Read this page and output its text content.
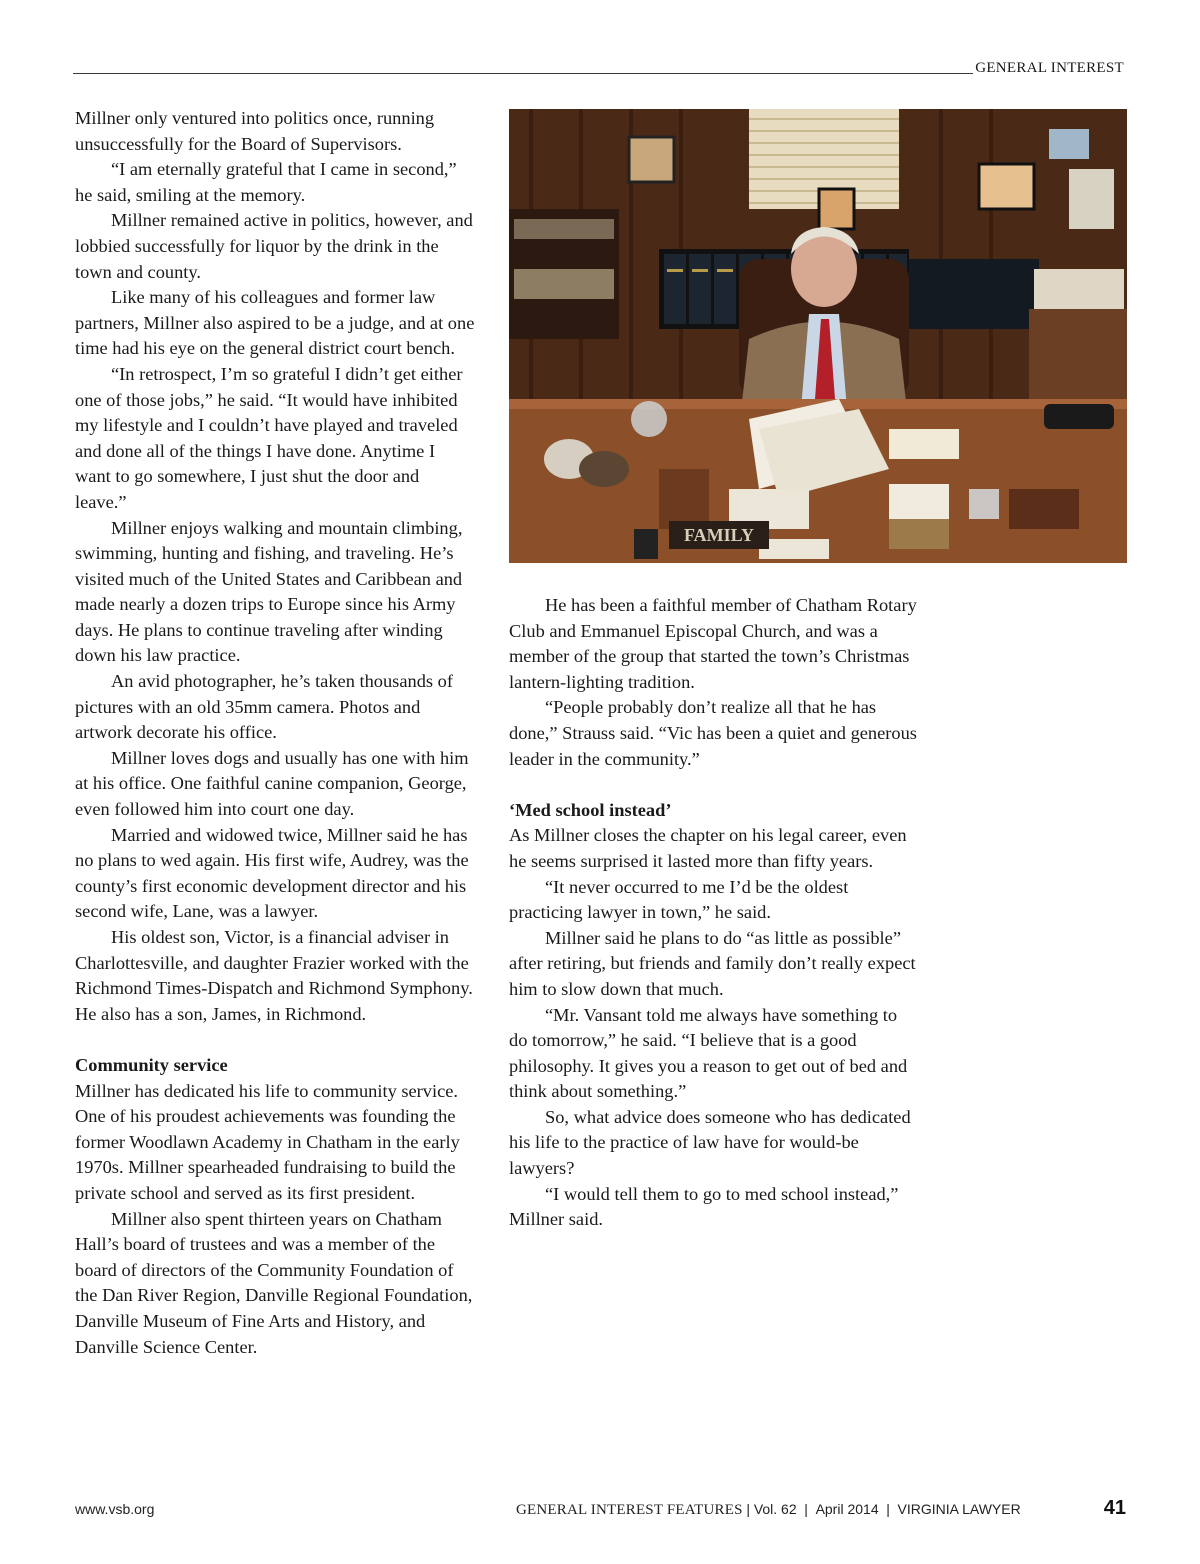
GENERAL INTEREST

Millner only ventured into politics once, running unsuccessfully for the Board of Supervisors.

“I am eternally grateful that I came in second,” he said, smiling at the memory.

Millner remained active in politics, however, and lobbied successfully for liquor by the drink in the town and county.

Like many of his colleagues and former law partners, Millner also aspired to be a judge, and at one time had his eye on the general district court bench.

“In retrospect, I’m so grateful I didn’t get either one of those jobs,” he said. “It would have inhibited my lifestyle and I couldn’t have played and traveled and done all of the things I have done. Anytime I want to go somewhere, I just shut the door and leave.”

Millner enjoys walking and mountain climbing, swimming, hunting and fishing, and traveling. He’s visited much of the United States and Caribbean and made nearly a dozen trips to Europe since his Army days. He plans to continue traveling after winding down his law practice.

An avid photographer, he’s taken thousands of pictures with an old 35mm camera. Photos and artwork decorate his office.

Millner loves dogs and usually has one with him at his office. One faithful canine companion, George, even followed him into court one day.

Married and widowed twice, Millner said he has no plans to wed again. His first wife, Audrey, was the county’s first economic development director and his second wife, Lane, was a lawyer.

His oldest son, Victor, is a financial adviser in Charlottesville, and daughter Frazier worked with the Richmond Times-Dispatch and Richmond Symphony. He also has a son, James, in Richmond.

Community service

Millner has dedicated his life to community service. One of his proudest achievements was founding the former Woodlawn Academy in Chatham in the early 1970s. Millner spearheaded fundraising to build the private school and served as its first president.

Millner also spent thirteen years on Chatham Hall’s board of trustees and was a member of the board of directors of the Community Foundation of the Dan River Region, Danville Regional Foundation, Danville Museum of Fine Arts and History, and Danville Science Center.

FAMILY

He has been a faithful member of Chatham Rotary Club and Emmanuel Episcopal Church, and was a member of the group that started the town’s Christmas lantern-lighting tradition.

“People probably don’t realize all that he has done,” Strauss said. “Vic has been a quiet and generous leader in the community.”

‘Med school instead’

As Millner closes the chapter on his legal career, even he seems surprised it lasted more than fifty years.

“It never occurred to me I’d be the oldest practicing lawyer in town,” he said.

Millner said he plans to do “as little as possible” after retiring, but friends and family don’t really expect him to slow down that much.

“Mr. Vansant told me always have something to do tomorrow,” he said. “I believe that is a good philosophy. It gives you a reason to get out of bed and think about something.”

So, what advice does someone who has dedicated his life to the practice of law have for would-be lawyers?

“I would tell them to go to med school instead,” Millner said.

www.vsb.org	GENERAL INTEREST FEATURES | Vol. 62  |  April 2014  |  VIRGINIA LAWYER	41
